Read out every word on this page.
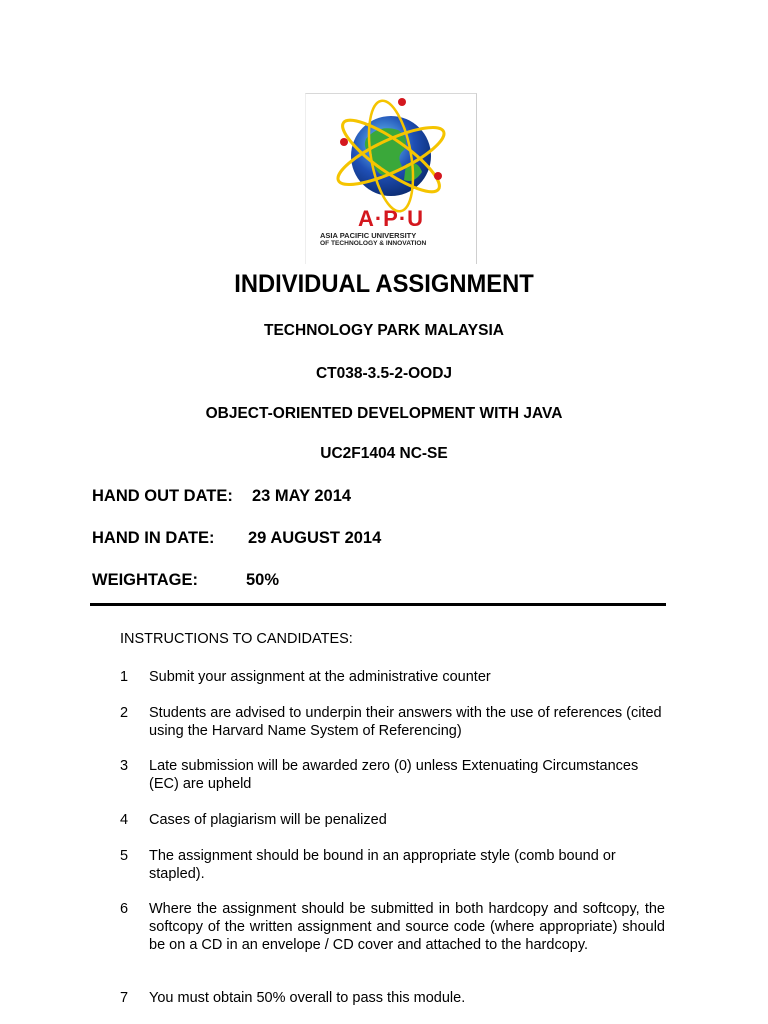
A·P·U
ASIA PACIFIC UNIVERSITY
OF TECHNOLOGY & INNOVATION
INDIVIDUAL ASSIGNMENT
TECHNOLOGY PARK MALAYSIA
CT038-3.5-2-OODJ
OBJECT-ORIENTED DEVELOPMENT WITH JAVA
UC2F1404 NC-SE
HAND OUT DATE: 23 MAY 2014
HAND IN DATE: 29 AUGUST 2014
WEIGHTAGE:	50%
INSTRUCTIONS TO CANDIDATES:
1 Submit your assignment at the administrative counter
2 Students are advised to underpin their answers with the use of references (cited using the Harvard Name System of Referencing)
3 Late submission will be awarded zero (0) unless Extenuating Circumstances (EC) are upheld
4 Cases of plagiarism will be penalized
5 The assignment should be bound in an appropriate style (comb bound or stapled).
6 Where the assignment should be submitted in both hardcopy and softcopy, the softcopy of the written assignment and source code (where appropriate) should be on a CD in an envelope / CD cover and attached to the hardcopy.
7 You must obtain 50% overall to pass this module.
